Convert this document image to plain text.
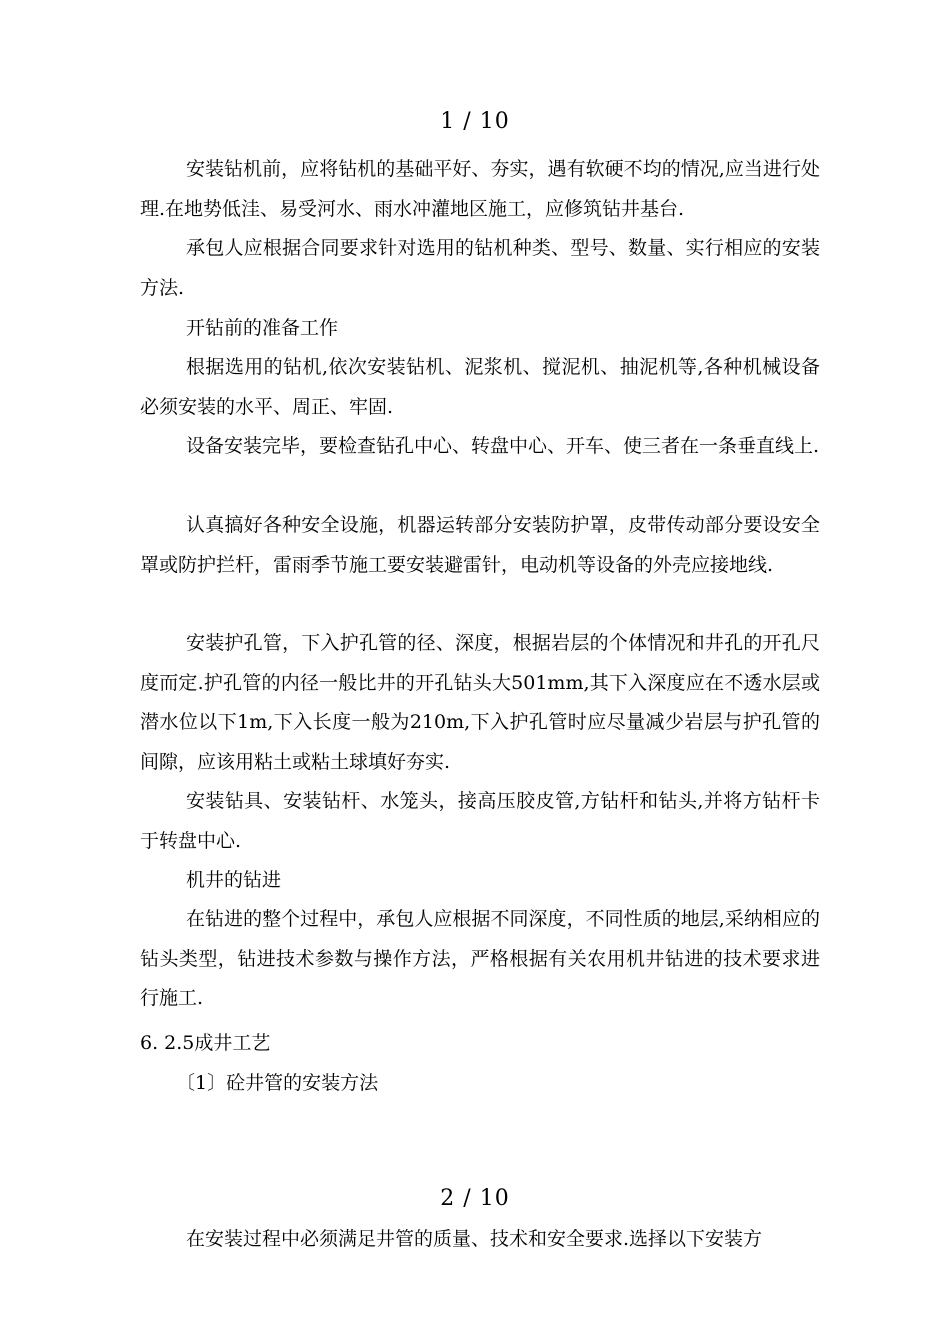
1 / 10

安装钻机前，应将钻机的基础平好、夯实，遇有软硬不均的情况,应当进行处理.在地势低洼、易受河水、雨水冲灌地区施工，应修筑钻井基台.

承包人应根据合同要求针对选用的钻机种类、型号、数量、实行相应的安装方法.

开钻前的准备工作

根据选用的钻机,依次安装钻机、泥浆机、搅泥机、抽泥机等,各种机械设备必须安装的水平、周正、牢固.

设备安装完毕，要检查钻孔中心、转盘中心、开车、使三者在一条垂直线上.

认真搞好各种安全设施，机器运转部分安装防护罩，皮带传动部分要设安全罩或防护拦杆，雷雨季节施工要安装避雷针，电动机等设备的外壳应接地线.

安装护孔管，下入护孔管的径、深度，根据岩层的个体情况和井孔的开孔尺度而定.护孔管的内径一般比井的开孔钻头大501mm,其下入深度应在不透水层或潜水位以下1m,下入长度一般为210m,下入护孔管时应尽量减少岩层与护孔管的间隙，应该用粘土或粘土球填好夯实.

安装钻具、安装钻杆、水笼头，接高压胶皮管,方钻杆和钻头,并将方钻杆卡于转盘中心.

机井的钻进

在钻进的整个过程中，承包人应根据不同深度，不同性质的地层,采纳相应的钻头类型，钻进技术参数与操作方法，严格根据有关农用机井钻进的技术要求进行施工.

6. 2.5成井工艺
〔1〕砼井管的安装方法
2 / 10

在安装过程中必须满足井管的质量、技术和安全要求.选择以下安装方
